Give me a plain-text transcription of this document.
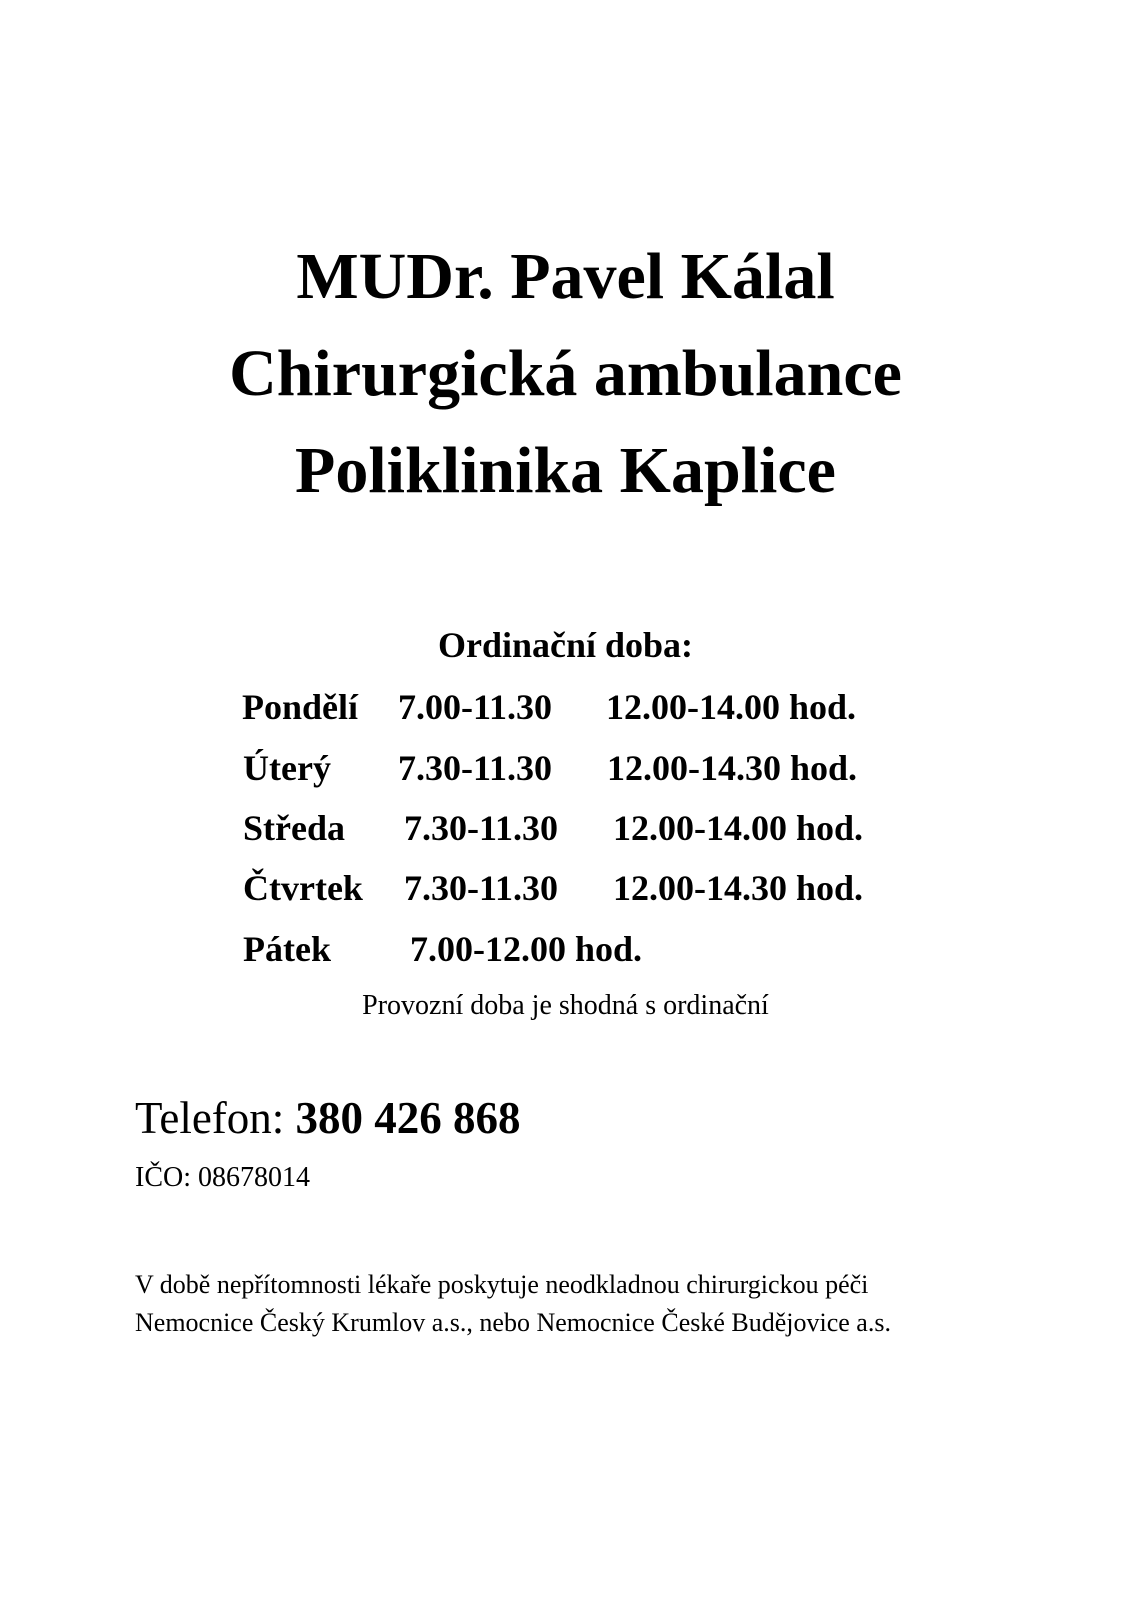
MUDr. Pavel Kálal
Chirurgická ambulance
Poliklinika Kaplice
Ordinační doba:
Pondělí 7.00-11.30 12.00-14.00 hod.
Úterý 7.30-11.30 12.00-14.30 hod.
Středa 7.30-11.30 12.00-14.00 hod.
Čtvrtek 7.30-11.30 12.00-14.30 hod.
Pátek 7.00-12.00 hod.
Provozní doba je shodná s ordinační
Telefon: 380 426 868
IČO: 08678014
V době nepřítomnosti lékaře poskytuje neodkladnou chirurgickou péči
Nemocnice Český Krumlov a.s., nebo Nemocnice České Budějovice a.s.
